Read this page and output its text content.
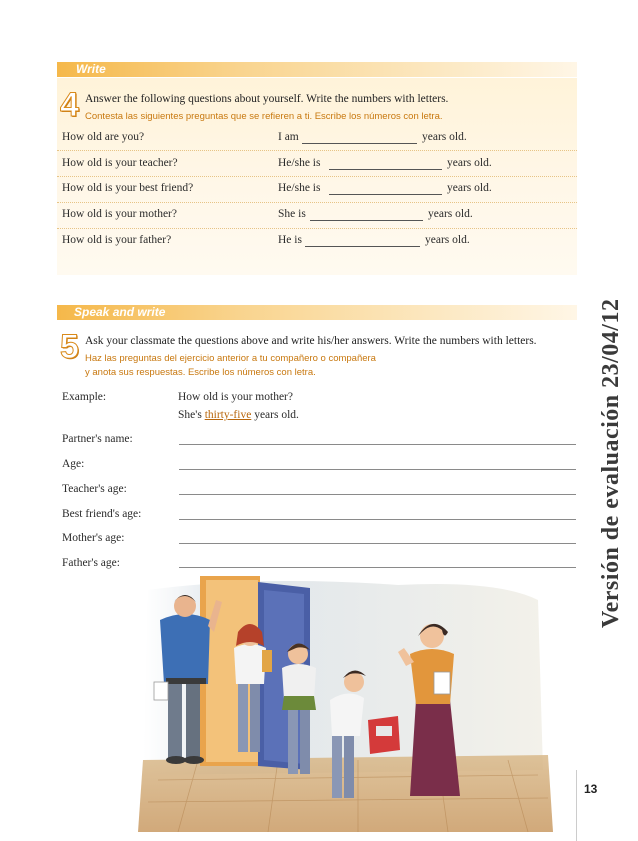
Write
4 Answer the following questions about yourself. Write the numbers with letters.
Contesta las siguientes preguntas que se refieren a ti. Escribe los números con letra.
How old are you?	I am	years old.
How old is your teacher?	He/she is	years old.
How old is your best friend?	He/she is	years old.
How old is your mother?	She is	years old.
How old is your father?	He is	years old.
Speak and write
5 Ask your classmate the questions above and write his/her answers. Write the numbers with letters.
Haz las preguntas del ejercicio anterior a tu compañero o compañera
y anota sus respuestas. Escribe los números con letra.
Example:	How old is your mother?
She's thirty-five years old.
Partner's name:
Age:
Teacher's age:
Best friend's age:
Mother's age:
Father's age:	Versión de evaluación 23/04/12
13
